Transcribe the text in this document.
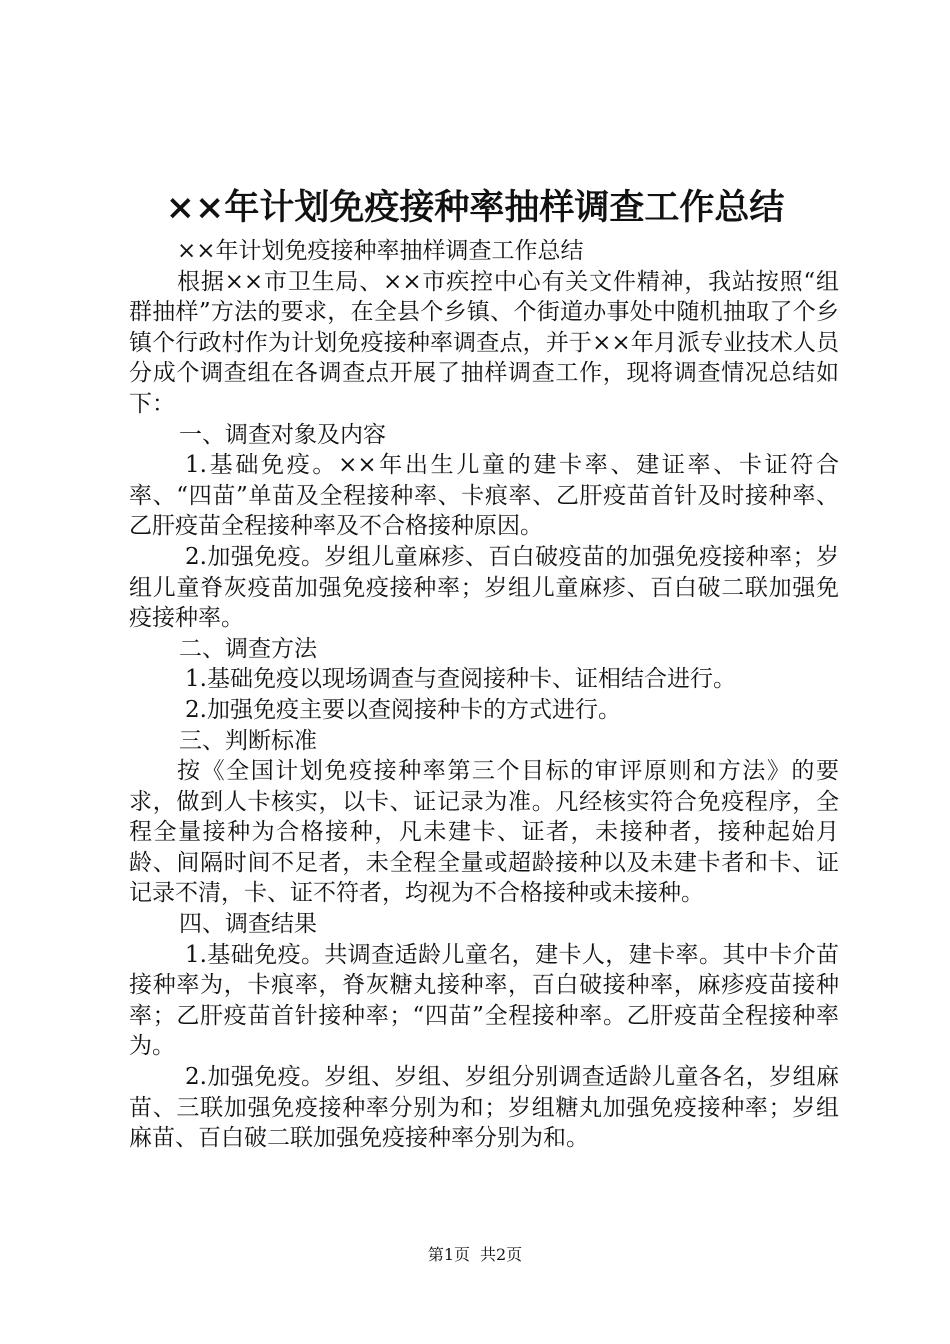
××年计划免疫接种率抽样调查工作总结

××年计划免疫接种率抽样调查工作总结

根据××市卫生局、××市疾控中心有关文件精神，我站按照“组群抽样”方法的要求，在全县个乡镇、个街道办事处中随机抽取了个乡镇个行政村作为计划免疫接种率调查点，并于××年月派专业技术人员分成个调查组在各调查点开展了抽样调查工作，现将调查情况总结如下：

一、调查对象及内容

1.基础免疫。××年出生儿童的建卡率、建证率、卡证符合率、“四苗”单苗及全程接种率、卡痕率、乙肝疫苗首针及时接种率、乙肝疫苗全程接种率及不合格接种原因。

2.加强免疫。岁组儿童麻疹、百白破疫苗的加强免疫接种率；岁组儿童脊灰疫苗加强免疫接种率；岁组儿童麻疹、百白破二联加强免疫接种率。

二、调查方法

1.基础免疫以现场调查与查阅接种卡、证相结合进行。

2.加强免疫主要以查阅接种卡的方式进行。

三、判断标准

按《全国计划免疫接种率第三个目标的审评原则和方法》的要求，做到人卡核实，以卡、证记录为准。凡经核实符合免疫程序，全程全量接种为合格接种，凡未建卡、证者，未接种者，接种起始月龄、间隔时间不足者，未全程全量或超龄接种以及未建卡者和卡、证记录不清，卡、证不符者，均视为不合格接种或未接种。

四、调查结果

1.基础免疫。共调查适龄儿童名，建卡人，建卡率。其中卡介苗接种率为，卡痕率，脊灰糖丸接种率，百白破接种率，麻疹疫苗接种率；乙肝疫苗首针接种率；“四苗”全程接种率。乙肝疫苗全程接种率为。

2.加强免疫。岁组、岁组、岁组分别调查适龄儿童各名，岁组麻苗、三联加强免疫接种率分别为和；岁组糖丸加强免疫接种率；岁组麻苗、百白破二联加强免疫接种率分别为和。

第1页 共2页
